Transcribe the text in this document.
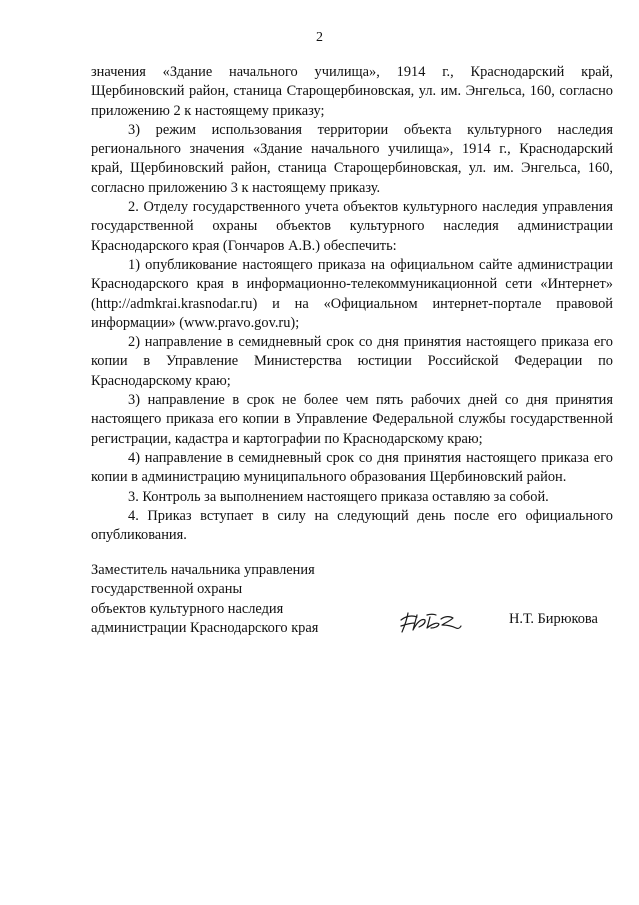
2

значения «Здание начального училища», 1914 г., Краснодарский край, Щербиновский район, станица Старощербиновская, ул. им. Энгельса, 160, согласно приложению 2 к настоящему приказу;

3) режим использования территории объекта культурного наследия регионального значения «Здание начального училища», 1914 г., Краснодарский край, Щербиновский район, станица Старощербиновская, ул. им. Энгельса, 160, согласно приложению 3 к настоящему приказу.

2. Отделу государственного учета объектов культурного наследия управления государственной охраны объектов культурного наследия администрации Краснодарского края (Гончаров А.В.) обеспечить:

1) опубликование настоящего приказа на официальном сайте администрации Краснодарского края в информационно-телекоммуникационной сети «Интернет» (http://admkrai.krasnodar.ru) и на «Официальном интернет-портале правовой информации» (www.pravo.gov.ru);

2) направление в семидневный срок со дня принятия настоящего приказа его копии в Управление Министерства юстиции Российской Федерации по Краснодарскому краю;

3) направление в срок не более чем пять рабочих дней со дня принятия настоящего приказа его копии в Управление Федеральной службы государственной регистрации, кадастра и картографии по Краснодарскому краю;

4) направление в семидневный срок со дня принятия настоящего приказа его копии в администрацию муниципального образования Щербиновский район.

3. Контроль за выполнением настоящего приказа оставляю за собой.

4. Приказ вступает в силу на следующий день после его официального опубликования.

Заместитель начальника управления
государственной охраны
объектов культурного наследия
администрации Краснодарского края
Н.Т. Бирюкова
